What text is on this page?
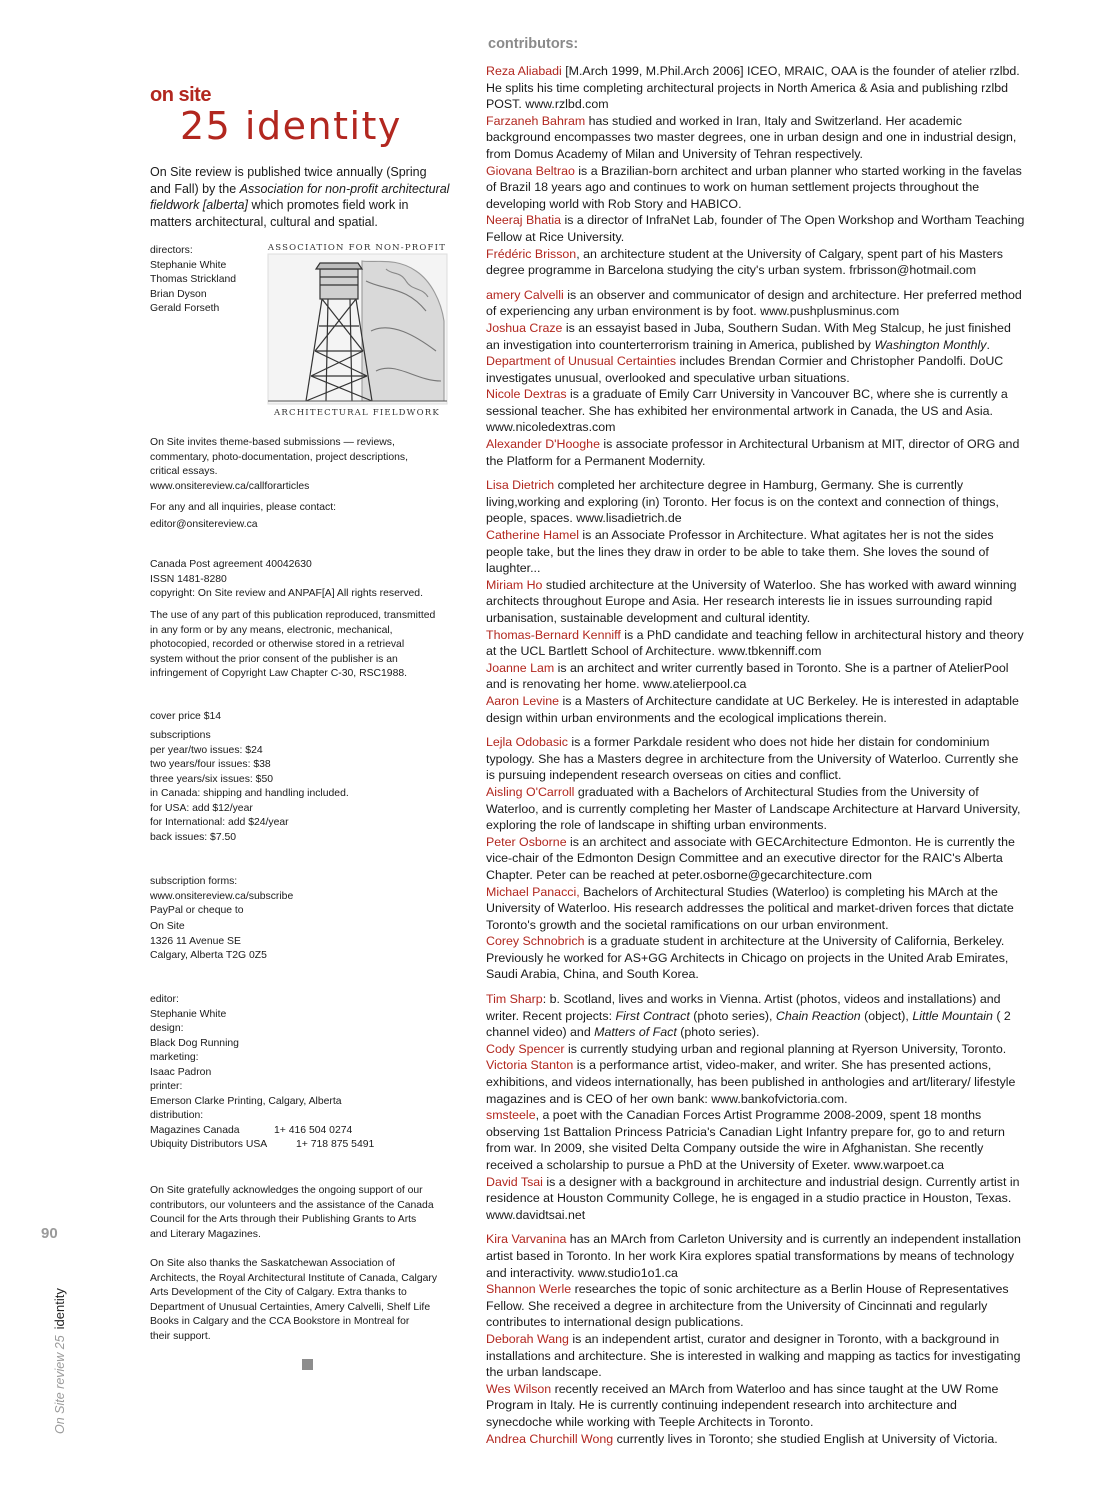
on site
25 identity
On Site review is published twice annually (Spring and Fall) by the Association for non-profit architectural fieldwork [alberta] which promotes field work in matters architectural, cultural and spatial.
directors:
Stephanie White
Thomas Strickland
Brian Dyson
Gerald Forseth
ASSOCIATION FOR NON-PROFIT
ARCHITECTURAL FIELDWORK
On Site invites theme-based submissions — reviews,
commentary, photo-documentation, project descriptions,
critical essays.
www.onsitereview.ca/callforarticles
For any and all inquiries, please contact:
editor@onsitereview.ca
Canada Post agreement 40042630
ISSN 1481-8280
copyright: On Site review and ANPAF[A] All rights reserved.
The use of any part of this publication reproduced, transmitted
in any form or by any means, electronic, mechanical,
photocopied, recorded or otherwise stored in a retrieval
system without the prior consent of the publisher is an
infringement of Copyright Law Chapter C-30, RSC1988.
cover price $14
subscriptions
per year/two issues: $24
two years/four issues: $38
three years/six issues: $50
in Canada: shipping and handling included.
for USA: add $12/year
for International: add $24/year
back issues: $7.50
subscription forms:
www.onsitereview.ca/subscribe
PayPal or cheque to
On Site
1326 11 Avenue SE
Calgary, Alberta T2G 0Z5
editor:
Stephanie White
design:
Black Dog Running
marketing:
Isaac Padron
printer:
Emerson Clarke Printing, Calgary, Alberta
distribution:
Magazines Canada	1+ 416 504 0274
Ubiquity Distributors USA	1+ 718 875 5491
On Site gratefully acknowledges the ongoing support of our
contributors, our volunteers and the assistance of the Canada
Council for the Arts through their Publishing Grants to Arts
and Literary Magazines.
On Site also thanks the Saskatchewan Association of
Architects, the Royal Architectural Institute of Canada, Calgary
Arts Development of the City of Calgary. Extra thanks to
Department of Unusual Certainties, Amery Calvelli, Shelf Life
Books in Calgary and the CCA Bookstore in Montreal for
their support.
90
On Site review 25identity
contributors:

Reza Aliabadi [M.Arch 1999, M.Phil.Arch 2006] ICEO, MRAIC, OAA is the founder of atelier rzlbd. He splits his time completing architectural projects in North America & Asia and publishing rzlbd POST. www.rzlbd.com

Farzaneh Bahram has studied and worked in Iran, Italy and Switzerland. Her academic background encompasses two master degrees, one in urban design and one in industrial design, from Domus Academy of Milan and University of Tehran respectively.

Giovana Beltrao is a Brazilian-born architect and urban planner who started working in the favelas of Brazil 18 years ago and continues to work on human settlement projects throughout the developing world with Rob Story and HABICO.

Neeraj Bhatia is a director of InfraNet Lab, founder of The Open Workshop and Wortham Teaching Fellow at Rice University.

Frédéric Brisson, an architecture student at the University of Calgary, spent part of his Masters degree programme in Barcelona studying the city's urban system. frbrisson@hotmail.com

amery Calvelli is an observer and communicator of design and architecture. Her preferred method of experiencing any urban environment is by foot. www.pushplusminus.com

Joshua Craze is an essayist based in Juba, Southern Sudan. With Meg Stalcup, he just finished an investigation into counterterrorism training in America, published by Washington Monthly.

Department of Unusual Certainties includes Brendan Cormier and Christopher Pandolfi. DoUC investigates unusual, overlooked and speculative urban situations.

Nicole Dextras is a graduate of Emily Carr University in Vancouver BC, where she is currently a sessional teacher. She has exhibited her environmental artwork in Canada, the US and Asia. www.nicoledextras.com

Alexander D'Hooghe is associate professor in Architectural Urbanism at MIT, director of ORG and the Platform for a Permanent Modernity.

Lisa Dietrich completed her architecture degree in Hamburg, Germany. She is currently living,working and exploring (in) Toronto. Her focus is on the context and connection of things, people, spaces. www.lisadietrich.de

Catherine Hamel is an Associate Professor in Architecture. What agitates her is not the sides people take, but the lines they draw in order to be able to take them. She loves the sound of laughter...

Miriam Ho studied architecture at the University of Waterloo. She has worked with award winning architects throughout Europe and Asia. Her research interests lie in issues surrounding rapid urbanisation, sustainable development and cultural identity.

Thomas-Bernard Kenniff is a PhD candidate and teaching fellow in architectural history and theory at the UCL Bartlett School of Architecture. www.tbkenniff.com

Joanne Lam is an architect and writer currently based in Toronto. She is a partner of AtelierPool and is renovating her home. www.atelierpool.ca

Aaron Levine is a Masters of Architecture candidate at UC Berkeley. He is interested in adaptable design within urban environments and the ecological implications therein.

Lejla Odobasic is a former Parkdale resident who does not hide her distain for condominium typology. She has a Masters degree in architecture from the University of Waterloo. Currently she is pursuing independent research overseas on cities and conflict.

Aisling O'Carroll graduated with a Bachelors of Architectural Studies from the University of Waterloo, and is currently completing her Master of Landscape Architecture at Harvard University, exploring the role of landscape in shifting urban environments.

Peter Osborne is an architect and associate with GECArchitecture Edmonton. He is currently the vice-chair of the Edmonton Design Committee and an executive director for the RAIC's Alberta Chapter. Peter can be reached at peter.osborne@gecarchitecture.com

Michael Panacci, Bachelors of Architectural Studies (Waterloo) is completing his MArch at the University of Waterloo. His research addresses the political and market-driven forces that dictate Toronto's growth and the societal ramifications on our urban environment.

Corey Schnobrich is a graduate student in architecture at the University of California, Berkeley. Previously he worked for AS+GG Architects in Chicago on projects in the United Arab Emirates, Saudi Arabia, China, and South Korea.

Tim Sharp: b. Scotland, lives and works in Vienna. Artist (photos, videos and installations) and writer. Recent projects: First Contract (photo series), Chain Reaction (object), Little Mountain ( 2 channel video) and Matters of Fact (photo series).

Cody Spencer is currently studying urban and regional planning at Ryerson University, Toronto.

Victoria Stanton is a performance artist, video-maker, and writer. She has presented actions, exhibitions, and videos internationally, has been published in anthologies and art/literary/ lifestyle magazines and is CEO of her own bank: www.bankofvictoria.com.

smsteele, a poet with the Canadian Forces Artist Programme 2008-2009, spent 18 months observing 1st Battalion Princess Patricia's Canadian Light Infantry prepare for, go to and return from war. In 2009, she visited Delta Company outside the wire in Afghanistan. She recently received a scholarship to pursue a PhD at the University of Exeter. www.warpoet.ca

David Tsai is a designer with a background in architecture and industrial design. Currently artist in residence at Houston Community College, he is engaged in a studio practice in Houston, Texas. www.davidtsai.net

Kira Varvanina has an MArch from Carleton University and is currently an independent installation artist based in Toronto. In her work Kira explores spatial transformations by means of technology and interactivity. www.studio1o1.ca

Shannon Werle researches the topic of sonic architecture as a Berlin House of Representatives Fellow. She received a degree in architecture from the University of Cincinnati and regularly contributes to international design publications.

Deborah Wang is an independent artist, curator and designer in Toronto, with a background in installations and architecture. She is interested in walking and mapping as tactics for investigating the urban landscape.

Wes Wilson recently received an MArch from Waterloo and has since taught at the UW Rome Program in Italy. He is currently continuing independent research into architecture and synecdoche while working with Teeple Architects in Toronto.

Andrea Churchill Wong currently lives in Toronto; she studied English at University of Victoria.
